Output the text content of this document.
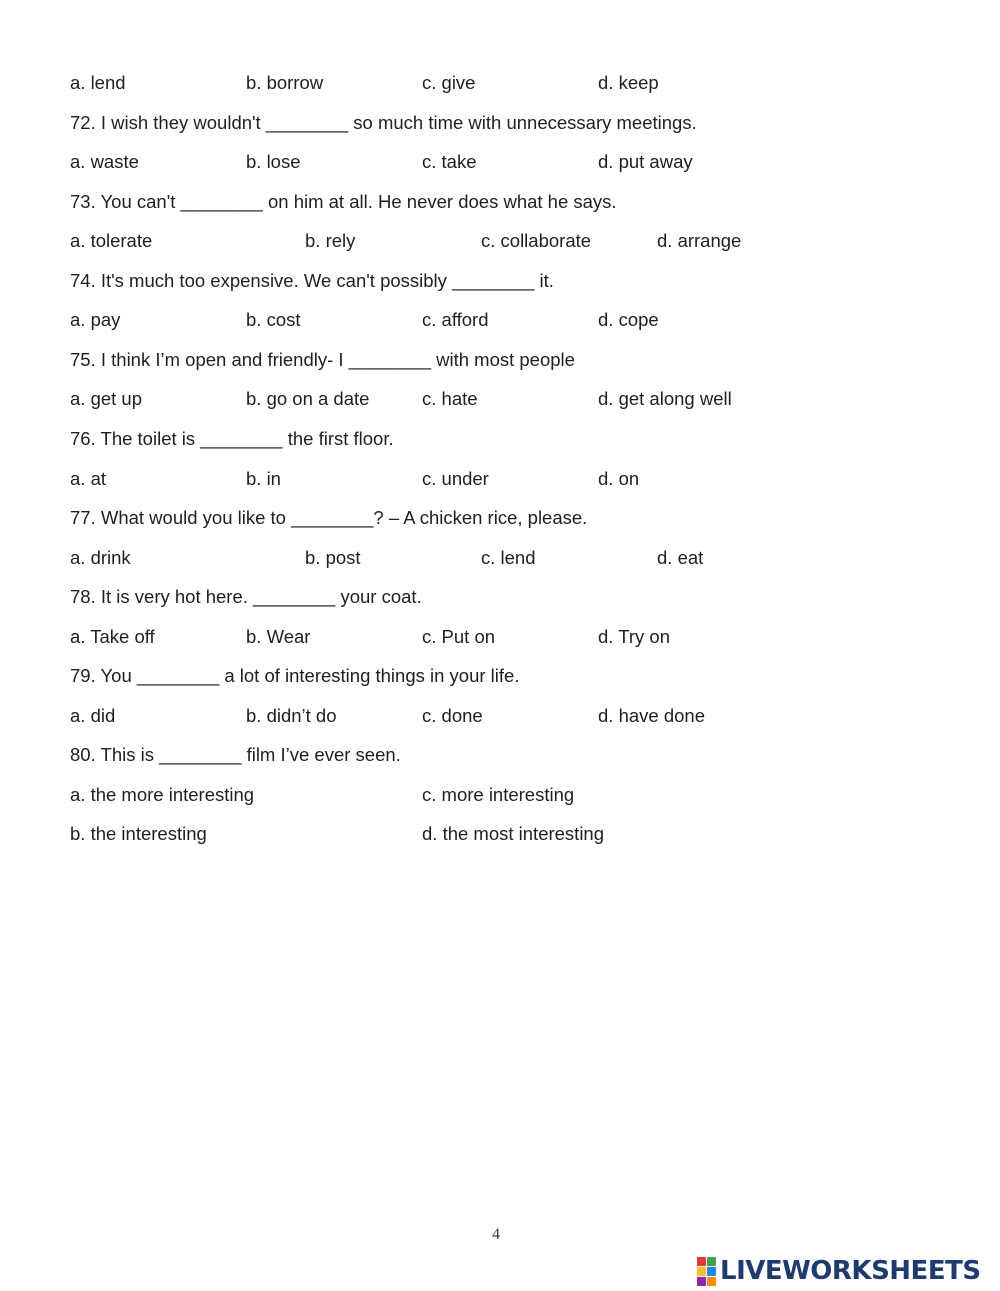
a. lend	b. borrow	c. give	d. keep
72. I wish they wouldn't ________ so much time with unnecessary meetings.
a. waste	b. lose	c. take	d. put away
73. You can't ________ on him at all. He never does what he says.
a. tolerate	b. rely	c. collaborate	d. arrange
74. It's much too expensive. We can't possibly ________ it.
a. pay	b. cost	c. afford	d. cope
75. I think I’m open and friendly- I ________ with most people
a. get up	b. go on a date	c. hate	d. get along well
76. The toilet is ________ the first floor.
a. at	b. in	c. under	d. on
77. What would you like to ________? – A chicken rice, please.
a. drink	b. post	c. lend	d. eat
78. It is very hot here. ________ your coat.
a. Take off	b. Wear	c. Put on	d. Try on
79. You ________ a lot of interesting things in your life.
a. did	b. didn’t do	c. done	d. have done
80. This is ________ film I’ve ever seen.
a. the more interesting	c. more interesting
b. the interesting	d. the most interesting
4
LIVEWORKSHEETS
